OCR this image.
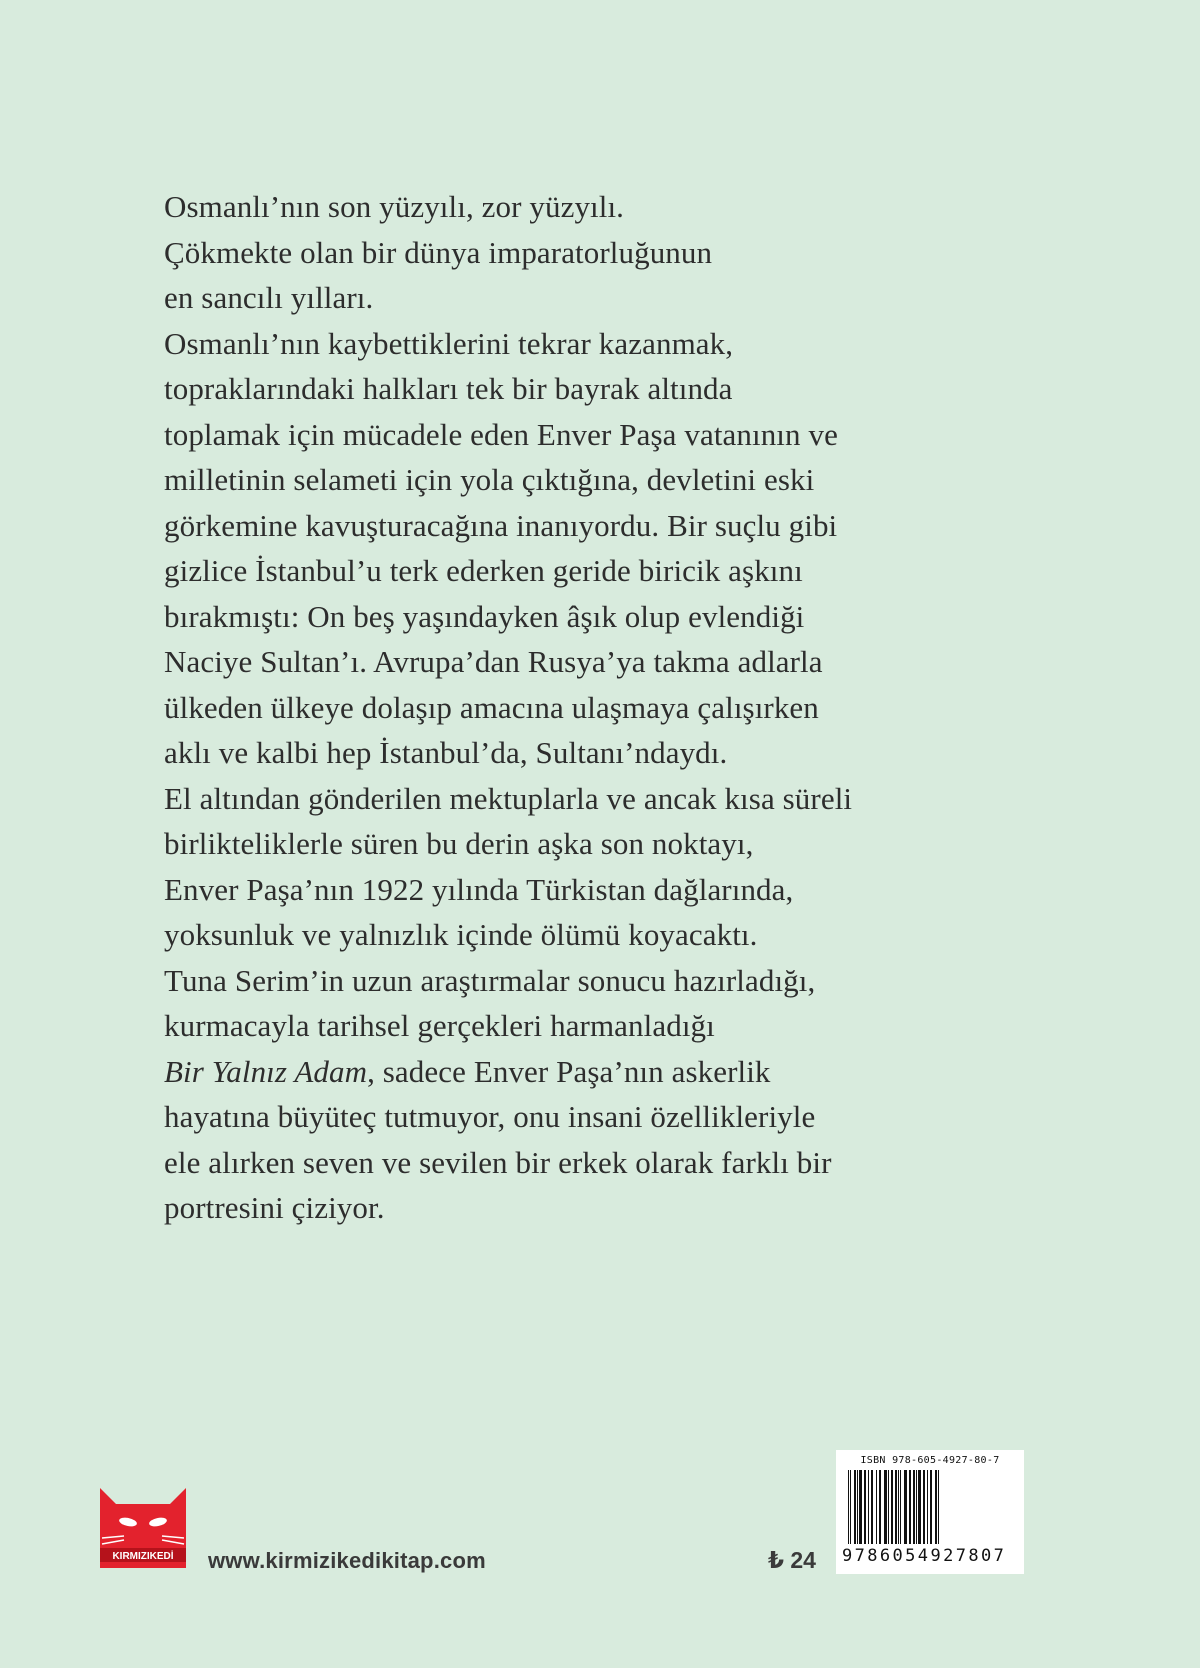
Osmanlı’nın son yüzyılı, zor yüzyılı.
Çökmekte olan bir dünya imparatorluğunun
en sancılı yılları.
Osmanlı’nın kaybettiklerini tekrar kazanmak,
topraklarındaki halkları tek bir bayrak altında
toplamak için mücadele eden Enver Paşa vatanının ve
milletinin selameti için yola çıktığına, devletini eski
görkemine kavuşturacağına inanıyordu. Bir suçlu gibi
gizlice İstanbul’u terk ederken geride biricik aşkını
bırakmıştı: On beş yaşındayken âşık olup evlendiği
Naciye Sultan’ı. Avrupa’dan Rusya’ya takma adlarla
ülkeden ülkeye dolaşıp amacına ulaşmaya çalışırken
aklı ve kalbi hep İstanbul’da, Sultanı’ndaydı.
El altından gönderilen mektuplarla ve ancak kısa süreli
birlikteliklerle süren bu derin aşka son noktayı,
Enver Paşa’nın 1922 yılında Türkistan dağlarında,
yoksunluk ve yalnızlık içinde ölümü koyacaktı.
Tuna Serim’in uzun araştırmalar sonucu hazırladığı,
kurmacayla tarihsel gerçekleri harmanladığı
Bir Yalnız Adam, sadece Enver Paşa’nın askerlik
hayatına büyüteç tutmuyor, onu insani özellikleriyle
ele alırken seven ve sevilen bir erkek olarak farklı bir
portresini çiziyor.
KIRMIZIKEDİ www.kirmizikedikitap.com	₺ 24
ISBN 978-605-4927-80-7
9786054927807
